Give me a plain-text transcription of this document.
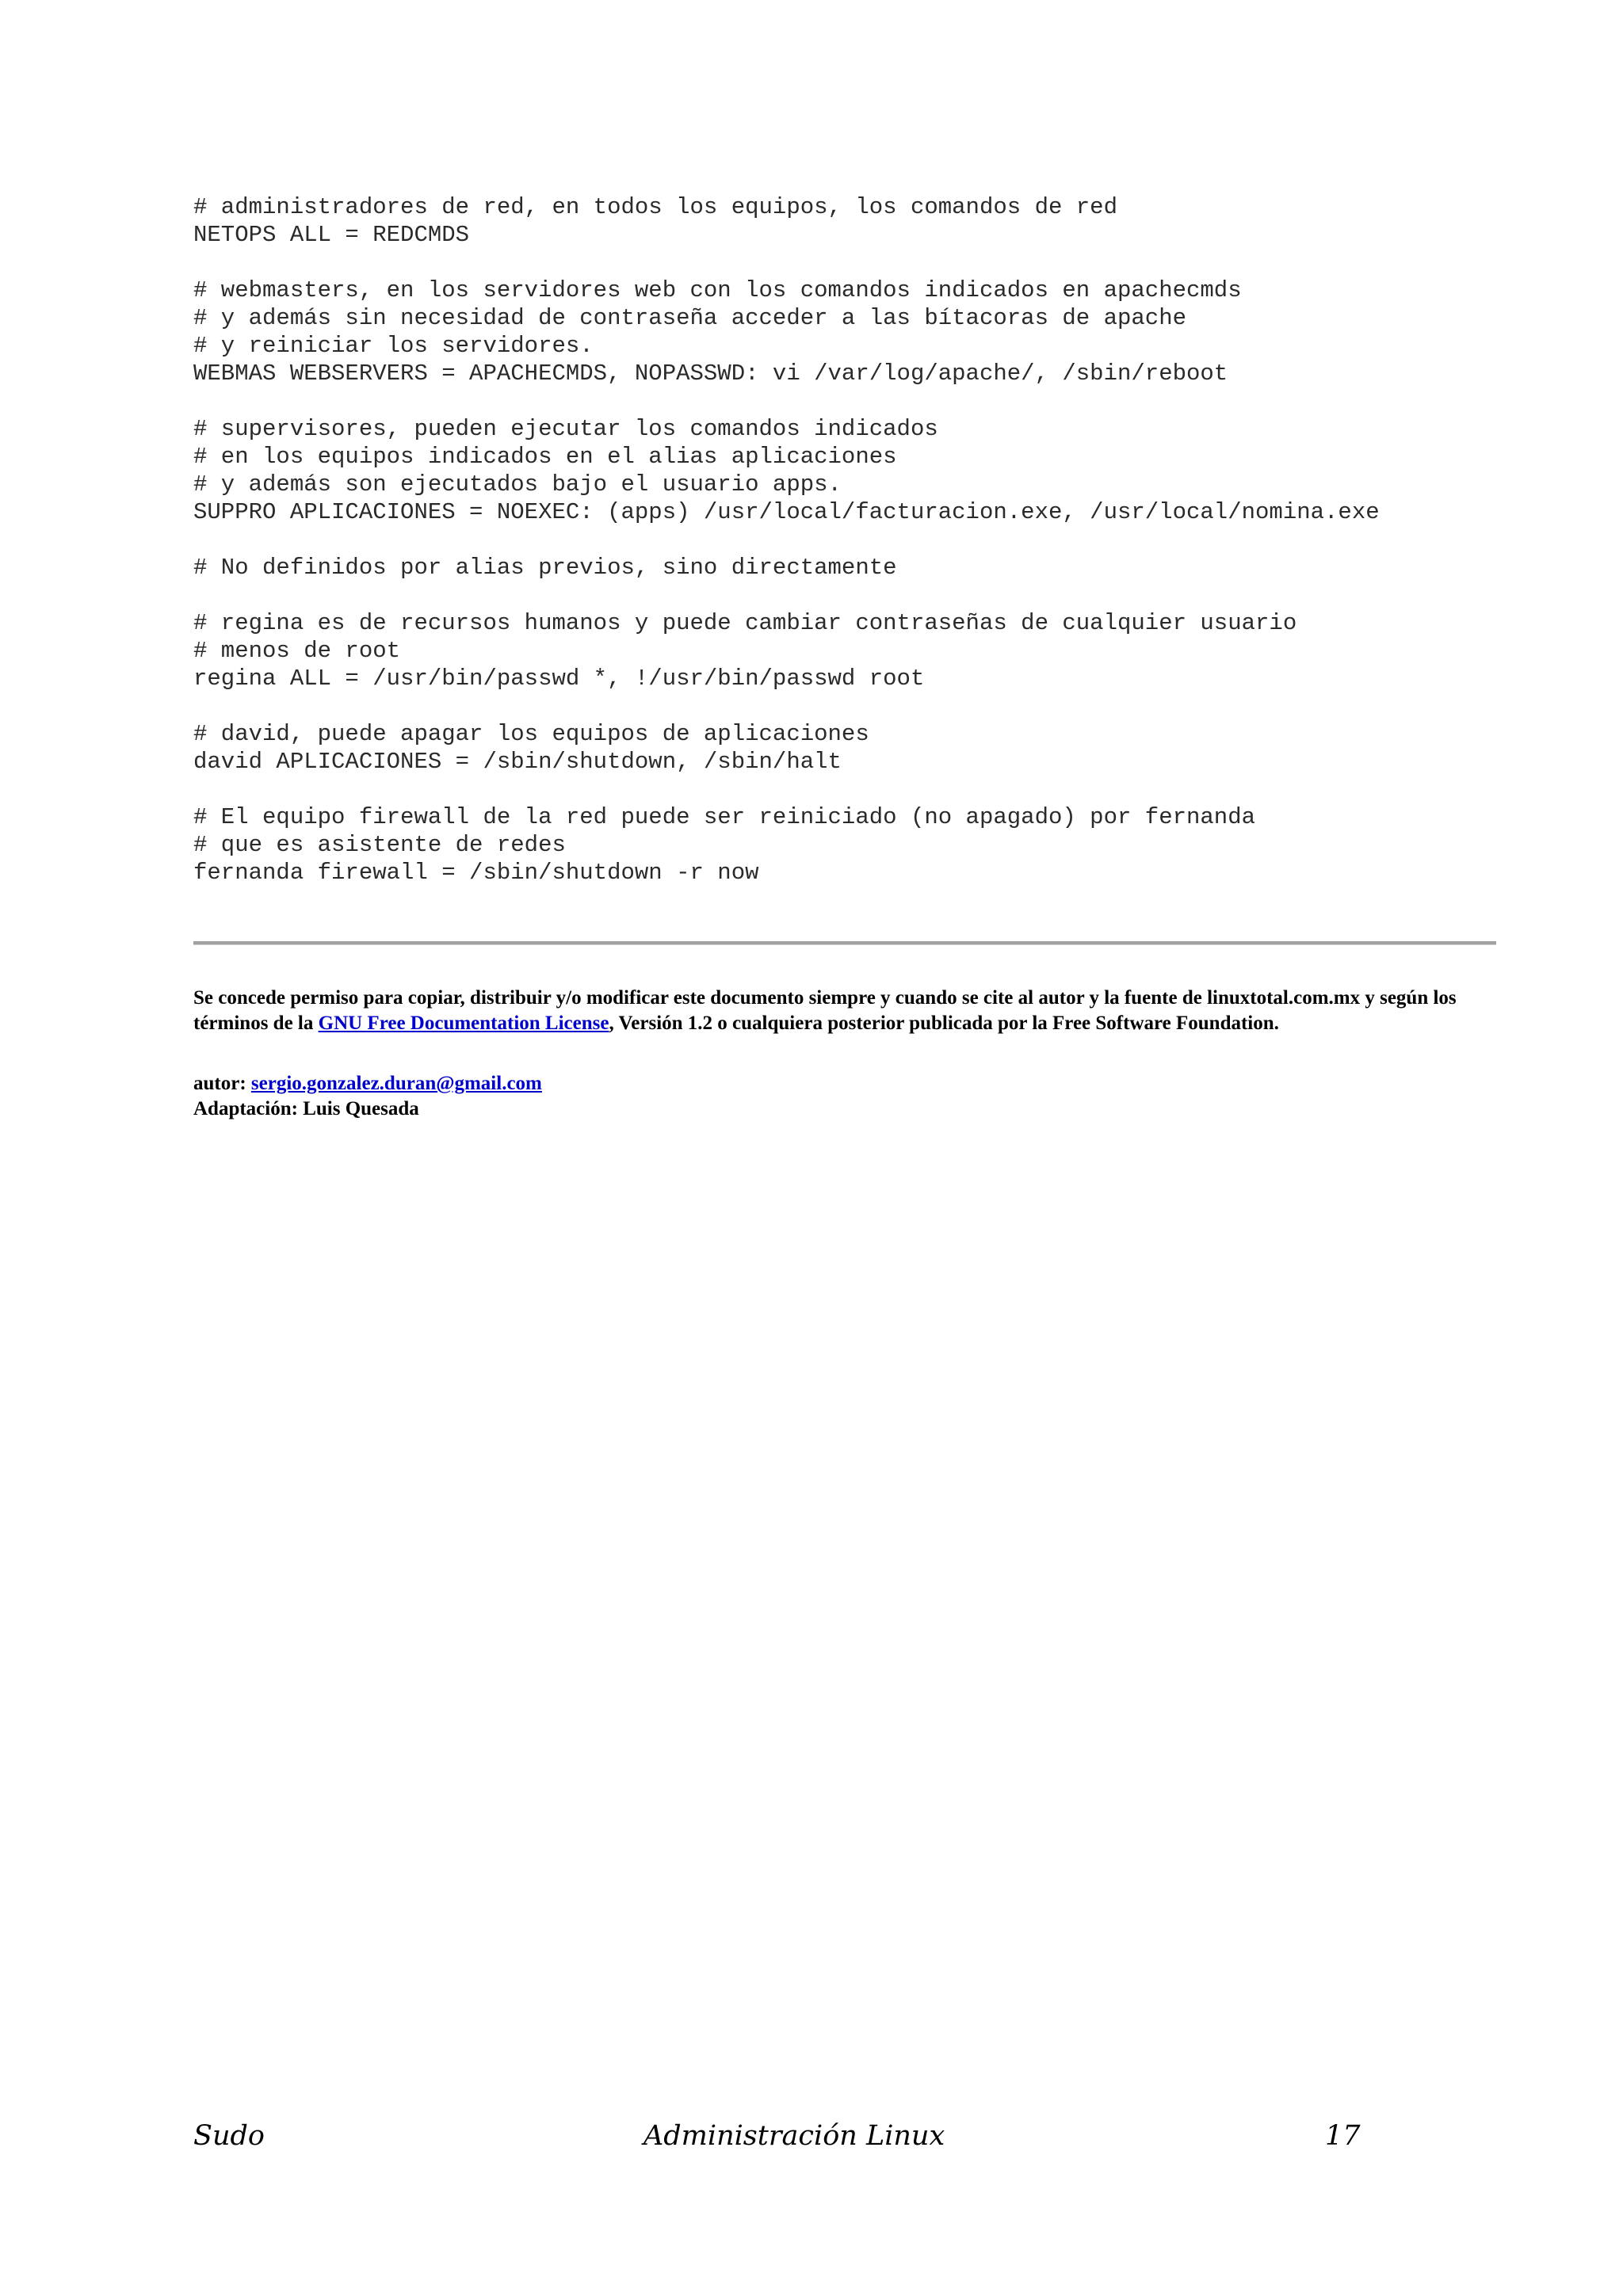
# administradores de red, en todos los equipos, los comandos de red
NETOPS ALL = REDCMDS
# webmasters, en los servidores web con los comandos indicados en apachecmds
# y además sin necesidad de contraseña acceder a las bítacoras de apache
# y reiniciar los servidores.
WEBMAS WEBSERVERS = APACHECMDS, NOPASSWD: vi /var/log/apache/, /sbin/reboot
# supervisores, pueden ejecutar los comandos indicados
# en los equipos indicados en el alias aplicaciones
# y además son ejecutados bajo el usuario apps.
SUPPRO APLICACIONES = NOEXEC: (apps) /usr/local/facturacion.exe, /usr/local/nomina.exe
# No definidos por alias previos, sino directamente
# regina es de recursos humanos y puede cambiar contraseñas de cualquier usuario
# menos de root
regina ALL = /usr/bin/passwd *, !/usr/bin/passwd root
# david, puede apagar los equipos de aplicaciones
david APLICACIONES = /sbin/shutdown, /sbin/halt
# El equipo firewall de la red puede ser reiniciado (no apagado) por fernanda
# que es asistente de redes
fernanda firewall = /sbin/shutdown -r now

Se concede permiso para copiar, distribuir y/o modificar este documento siempre y cuando se cite al autor y la fuente de linuxtotal.com.mx y según los términos de la GNU Free Documentation License, Versión 1.2 o cualquiera posterior publicada por la Free Software Foundation.

autor: sergio.gonzalez.duran@gmail.com
Adaptación: Luis Quesada
Sudo	Administración Linux	17
